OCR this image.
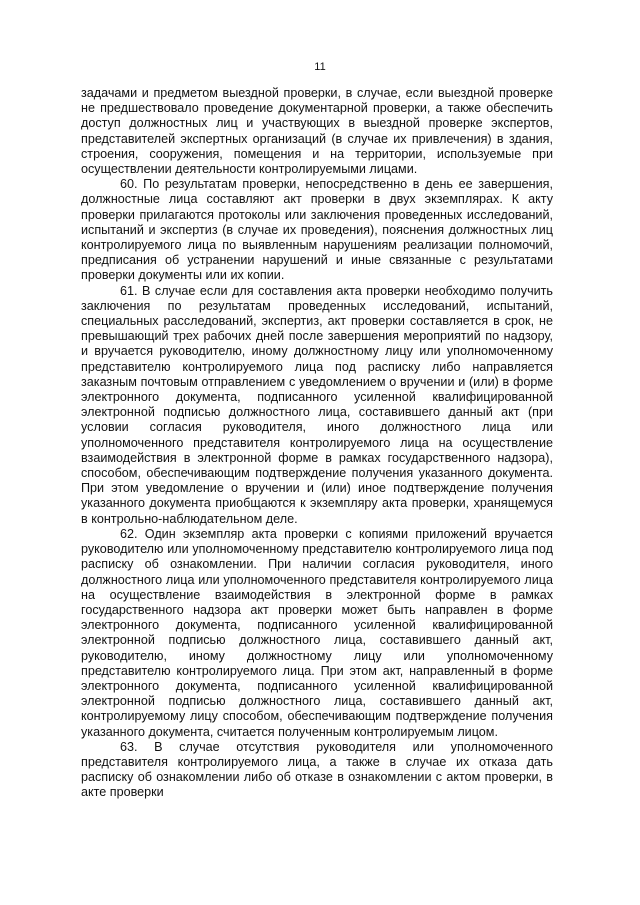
11

задачами и предметом выездной проверки, в случае, если выездной проверке не предшествовало проведение документарной проверки, а также обеспечить доступ должностных лиц и участвующих в выездной проверке экспертов, представителей экспертных организаций (в случае их привлечения) в здания, строения, сооружения, помещения и на территории, используемые при осуществлении деятельности контролируемыми лицами.

60. По результатам проверки, непосредственно в день ее завершения, должностные лица составляют акт проверки в двух экземплярах. К акту проверки прилагаются протоколы или заключения проведенных исследований, испытаний и экспертиз (в случае их проведения), пояснения должностных лиц контролируемого лица по выявленным нарушениям реализации полномочий, предписания об устранении нарушений и иные связанные с результатами проверки документы или их копии.

61. В случае если для составления акта проверки необходимо получить заключения по результатам проведенных исследований, испытаний, специальных расследований, экспертиз, акт проверки составляется в срок, не превышающий трех рабочих дней после завершения мероприятий по надзору, и вручается руководителю, иному должностному лицу или уполномоченному представителю контролируемого лица под расписку либо направляется заказным почтовым отправлением с уведомлением о вручении и (или) в форме электронного документа, подписанного усиленной квалифицированной электронной подписью должностного лица, составившего данный акт (при условии согласия руководителя, иного должностного лица или уполномоченного представителя контролируемого лица на осуществление взаимодействия в электронной форме в рамках государственного надзора), способом, обеспечивающим подтверждение получения указанного документа. При этом уведомление о вручении и (или) иное подтверждение получения указанного документа приобщаются к экземпляру акта проверки, хранящемуся в контрольно-наблюдательном деле.

62. Один экземпляр акта проверки с копиями приложений вручается руководителю или уполномоченному представителю контролируемого лица под расписку об ознакомлении. При наличии согласия руководителя, иного должностного лица или уполномоченного представителя контролируемого лица на осуществление взаимодействия в электронной форме в рамках государственного надзора акт проверки может быть направлен в форме электронного документа, подписанного усиленной квалифицированной электронной подписью должностного лица, составившего данный акт, руководителю, иному должностному лицу или уполномоченному представителю контролируемого лица. При этом акт, направленный в форме электронного документа, подписанного усиленной квалифицированной электронной подписью должностного лица, составившего данный акт, контролируемому лицу способом, обеспечивающим подтверждение получения указанного документа, считается полученным контролируемым лицом.

63. В случае отсутствия руководителя или уполномоченного представителя контролируемого лица, а также в случае их отказа дать расписку об ознакомлении либо об отказе в ознакомлении с актом проверки, в акте проверки
